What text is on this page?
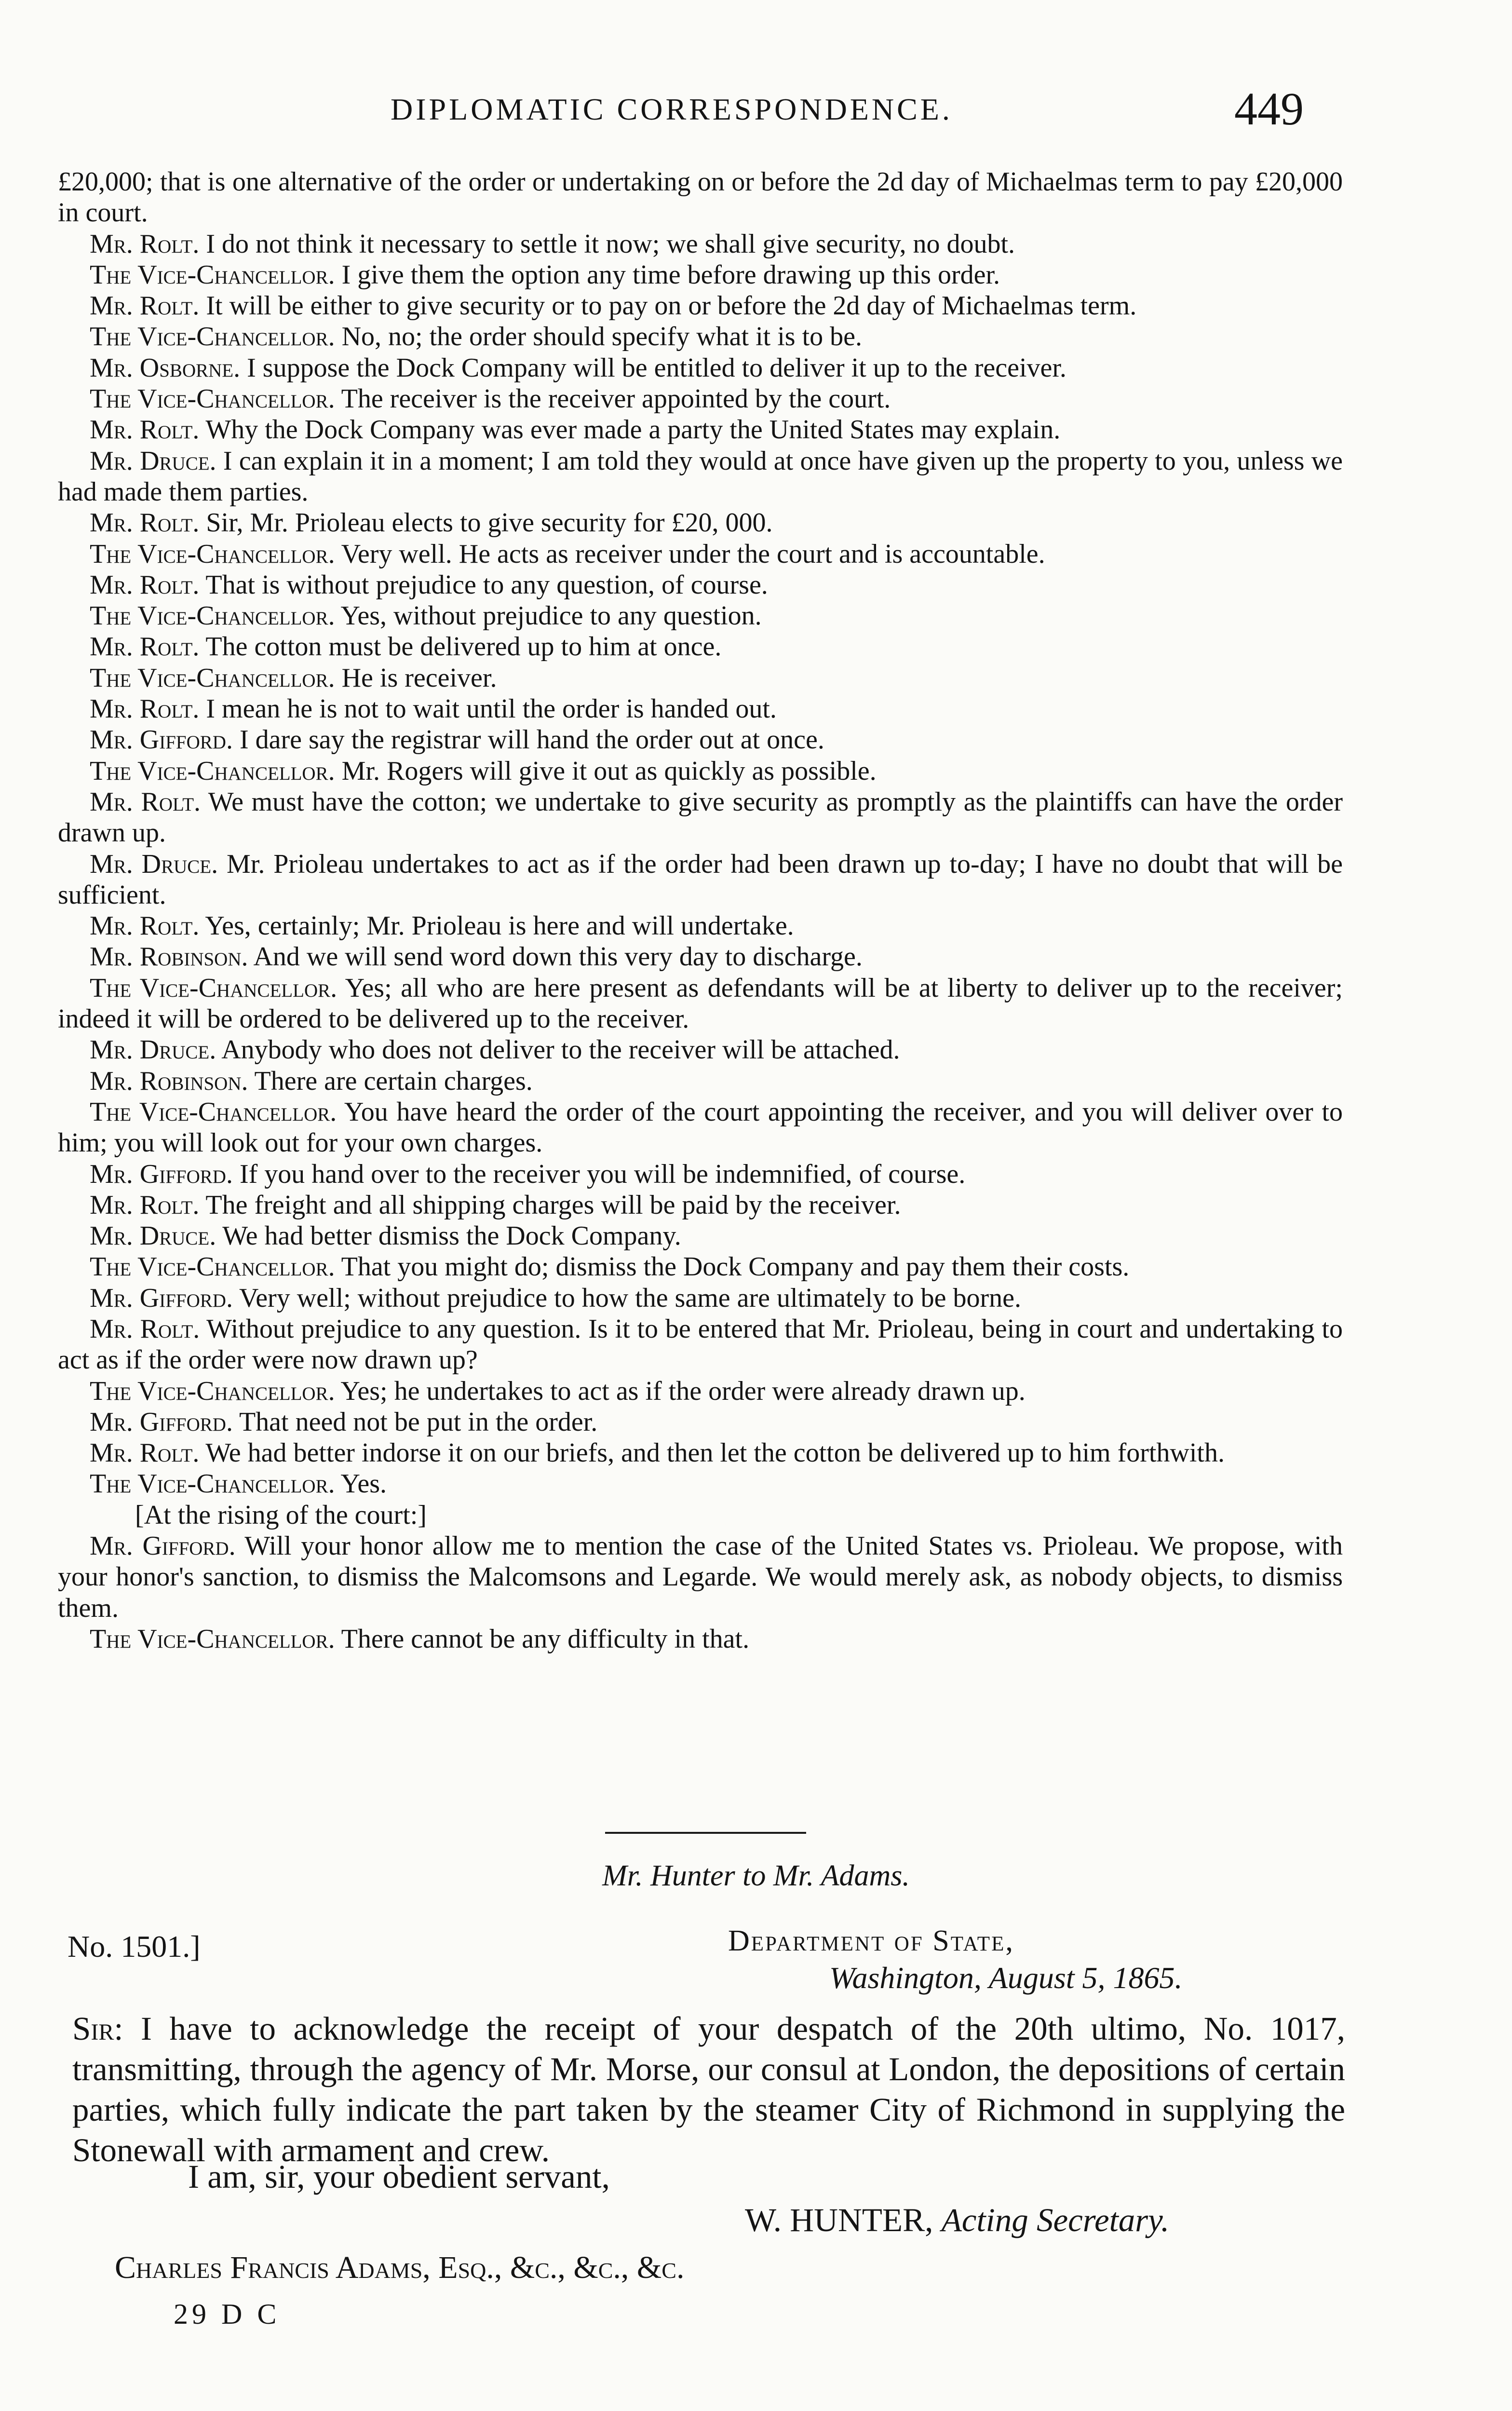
DIPLOMATIC CORRESPONDENCE.	449

£20,000; that is one alternative of the order or undertaking on or before the 2d day of Michaelmas term to pay £20,000 in court.

Mr. Rolt. I do not think it necessary to settle it now; we shall give security, no doubt.

The Vice-Chancellor. I give them the option any time before drawing up this order.

Mr. Rolt. It will be either to give security or to pay on or before the 2d day of Michaelmas term.

The Vice-Chancellor. No, no; the order should specify what it is to be.

Mr. Osborne. I suppose the Dock Company will be entitled to deliver it up to the receiver.

The Vice-Chancellor. The receiver is the receiver appointed by the court.

Mr. Rolt. Why the Dock Company was ever made a party the United States may explain.

Mr. Druce. I can explain it in a moment; I am told they would at once have given up the property to you, unless we had made them parties.

Mr. Rolt. Sir, Mr. Prioleau elects to give security for £20, 000.

The Vice-Chancellor. Very well. He acts as receiver under the court and is accountable.

Mr. Rolt. That is without prejudice to any question, of course.

The Vice-Chancellor. Yes, without prejudice to any question.

Mr. Rolt. The cotton must be delivered up to him at once.

The Vice-Chancellor. He is receiver.

Mr. Rolt. I mean he is not to wait until the order is handed out.

Mr. Gifford. I dare say the registrar will hand the order out at once.

The Vice-Chancellor. Mr. Rogers will give it out as quickly as possible.

Mr. Rolt. We must have the cotton; we undertake to give security as promptly as the plaintiffs can have the order drawn up.

Mr. Druce. Mr. Prioleau undertakes to act as if the order had been drawn up to-day; I have no doubt that will be sufficient.

Mr. Rolt. Yes, certainly; Mr. Prioleau is here and will undertake.

Mr. Robinson. And we will send word down this very day to discharge.

The Vice-Chancellor. Yes; all who are here present as defendants will be at liberty to deliver up to the receiver; indeed it will be ordered to be delivered up to the receiver.

Mr. Druce. Anybody who does not deliver to the receiver will be attached.

Mr. Robinson. There are certain charges.

The Vice-Chancellor. You have heard the order of the court appointing the receiver, and you will deliver over to him; you will look out for your own charges.

Mr. Gifford. If you hand over to the receiver you will be indemnified, of course.

Mr. Rolt. The freight and all shipping charges will be paid by the receiver.

Mr. Druce. We had better dismiss the Dock Company.

The Vice-Chancellor. That you might do; dismiss the Dock Company and pay them their costs.

Mr. Gifford. Very well; without prejudice to how the same are ultimately to be borne.

Mr. Rolt. Without prejudice to any question. Is it to be entered that Mr. Prioleau, being in court and undertaking to act as if the order were now drawn up?

The Vice-Chancellor. Yes; he undertakes to act as if the order were already drawn up.

Mr. Gifford. That need not be put in the order.

Mr. Rolt. We had better indorse it on our briefs, and then let the cotton be delivered up to him forthwith.

The Vice-Chancellor. Yes.

[At the rising of the court:]

Mr. Gifford. Will your honor allow me to mention the case of the United States vs. Prioleau. We propose, with your honor's sanction, to dismiss the Malcomsons and Legarde. We would merely ask, as nobody objects, to dismiss them.

The Vice-Chancellor. There cannot be any difficulty in that.

Mr. Hunter to Mr. Adams.
No. 1501.]	Department of State,
Washington, August 5, 1865.

Sir: I have to acknowledge the receipt of your despatch of the 20th ultimo, No. 1017, transmitting, through the agency of Mr. Morse, our consul at London, the depositions of certain parties, which fully indicate the part taken by the steamer City of Richmond in supplying the Stonewall with armament and crew.

I am, sir, your obedient servant,
W. HUNTER, Acting Secretary.
Charles Francis Adams, Esq., &c., &c., &c.
29 D C
